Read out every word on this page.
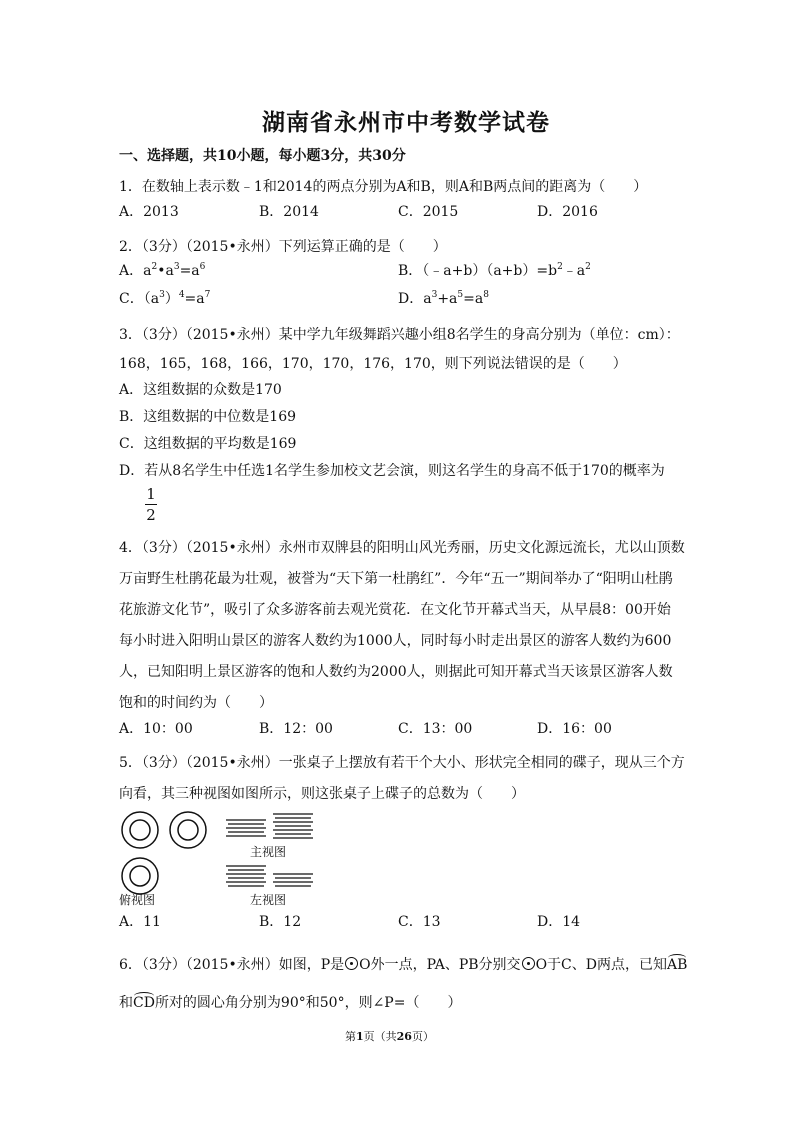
湖南省永州市中考数学试卷
一、选择题，共10小题，每小题3分，共30分
1．在数轴上表示数﹣1和2014的两点分别为A和B，则A和B两点间的距离为（　　）
A．2013	B．2014	C．2015	D．2016
2．（3分）（2015•永州）下列运算正确的是（　　）
A．$a^2•a^3=a^6$	B．$(﹣a+b)(a+b)=b^2﹣a^2$
C．$(a^3)^4=a^7$	D．$a^3+a^5=a^8$
3．（3分）（2015•永州）某中学九年级舞蹈兴趣小组8名学生的身高分别为（单位：cm）：
168，165，168，166，170，170，176，170，则下列说法错误的是（　　）
A．这组数据的众数是170
B．这组数据的中位数是169
C．这组数据的平均数是169
D．若从8名学生中任选1名学生参加校文艺会演，则这名学生的身高不低于170的概率为
1
2
4．（3分）（2015•永州）永州市双牌县的阳明山风光秀丽，历史文化源远流长，尤以山顶数
万亩野生杜鹃花最为壮观，被誉为“天下第一杜鹃红”．今年“五一”期间举办了“阳明山杜鹃
花旅游文化节”，吸引了众多游客前去观光赏花．在文化节开幕式当天，从早晨8：00开始
每小时进入阳明山景区的游客人数约为1000人，同时每小时走出景区的游客人数约为600
人，已知阳明上景区游客的饱和人数约为2000人，则据此可知开幕式当天该景区游客人数
饱和的时间约为（　　）
A．10：00	B．12：00	C．13：00	D．16：00
5．（3分）（2015•永州）一张桌子上摆放有若干个大小、形状完全相同的碟子，现从三个方
向看，其三种视图如图所示，则这张桌子上碟子的总数为（　　）
主视图
俯视图	左视图
A．11	B．12	C．13	D．14
6．（3分）（2015•永州）如图，P是 O外一点，PA、PB分别交 O于C、D两点，已知AB
和CD所对的圆心角分别为90°和50°，则∠P=（　　）
第1页（共26页）
